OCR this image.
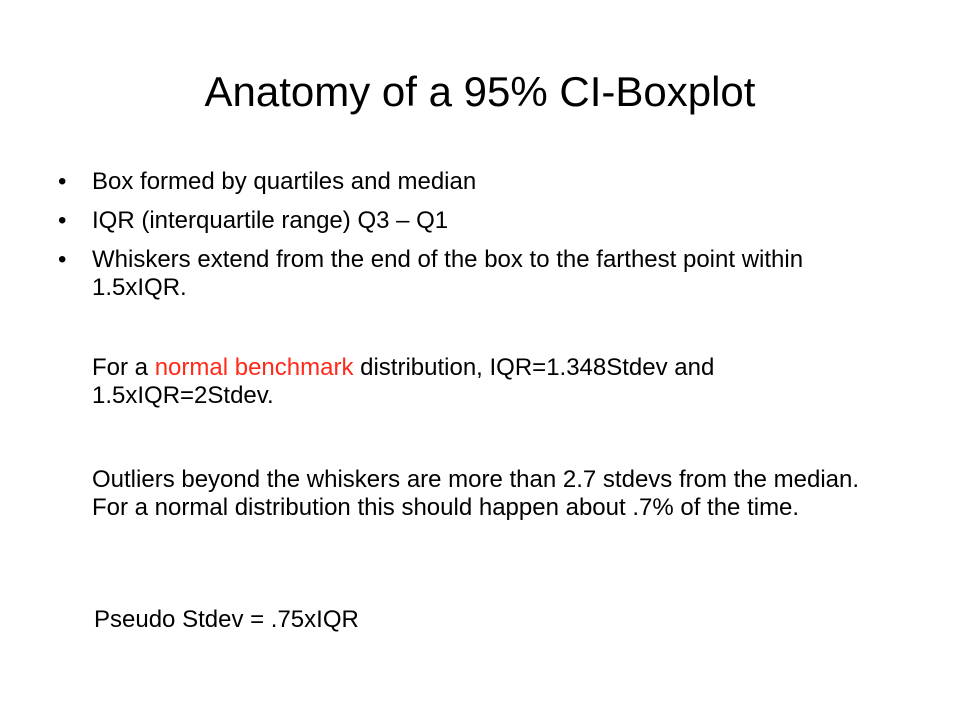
Anatomy of a 95% CI-Boxplot
• Box formed by quartiles and median
• IQR (interquartile range) Q3 – Q1
• Whiskers extend from the end of the box to the farthest point within 1.5xIQR.

For a normal benchmark distribution, IQR=1.348Stdev and 1.5xIQR=2Stdev.

Outliers beyond the whiskers are more than 2.7 stdevs from the median. For a normal distribution this should happen about .7% of the time.

Pseudo Stdev = .75xIQR
